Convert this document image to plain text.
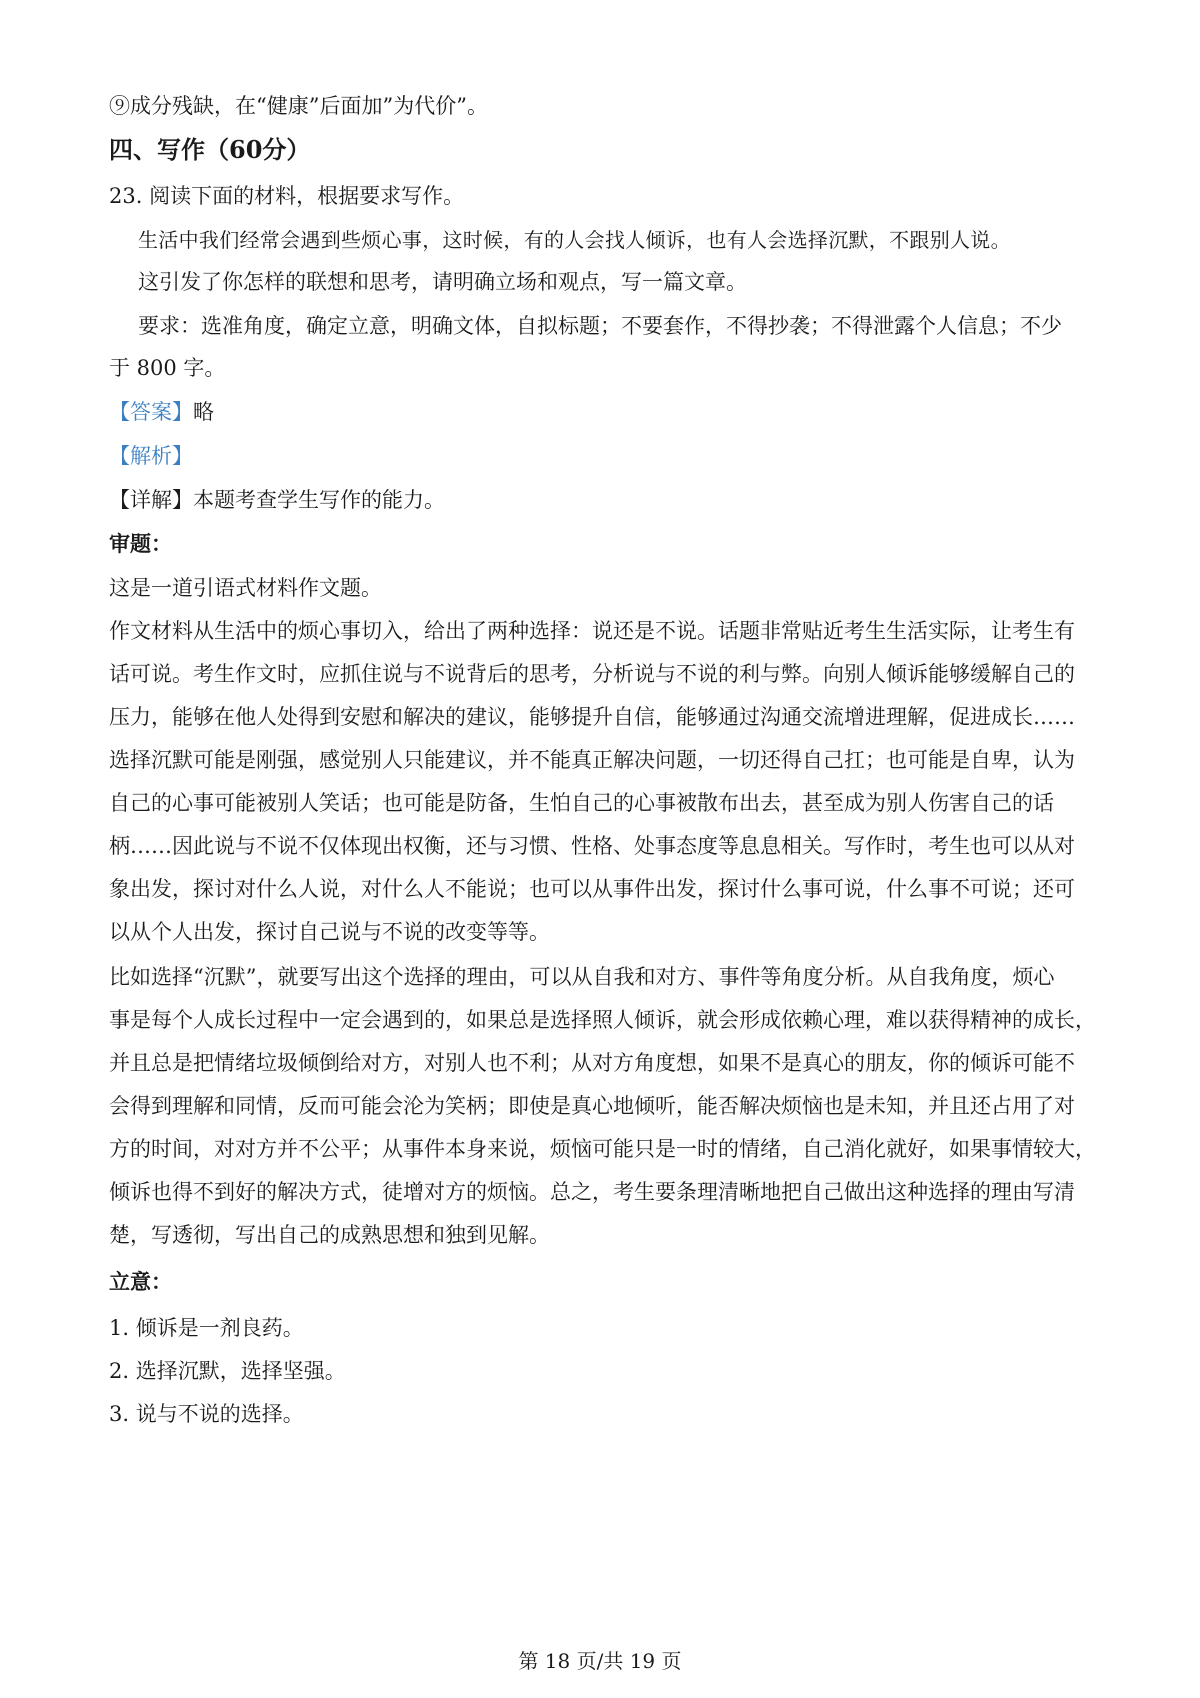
⑨成分残缺，在“健康”后面加”为代价”。
四、写作（60分）
23. 阅读下面的材料，根据要求写作。
生活中我们经常会遇到些烦心事，这时候，有的人会找人倾诉，也有人会选择沉默，不跟别人说。
这引发了你怎样的联想和思考，请明确立场和观点，写一篇文章。
要求：选准角度，确定立意，明确文体，自拟标题；不要套作，不得抄袭；不得泄露个人信息；不少
于 800 字。
【答案】略
【解析】
【详解】本题考查学生写作的能力。
审题：
这是一道引语式材料作文题。
作文材料从生活中的烦心事切入，给出了两种选择：说还是不说。话题非常贴近考生生活实际，让考生有
话可说。考生作文时，应抓住说与不说背后的思考，分析说与不说的利与弊。向别人倾诉能够缓解自己的
压力，能够在他人处得到安慰和解决的建议，能够提升自信，能够通过沟通交流增进理解，促进成长……
选择沉默可能是刚强，感觉别人只能建议，并不能真正解决问题，一切还得自己扛；也可能是自卑，认为
自己的心事可能被别人笑话；也可能是防备，生怕自己的心事被散布出去，甚至成为别人伤害自己的话
柄……因此说与不说不仅体现出权衡，还与习惯、性格、处事态度等息息相关。写作时，考生也可以从对
象出发，探讨对什么人说，对什么人不能说；也可以从事件出发，探讨什么事可说，什么事不可说；还可
以从个人出发，探讨自己说与不说的改变等等。
比如选择“沉默”，就要写出这个选择的理由，可以从自我和对方、事件等角度分析。从自我角度，烦心
事是每个人成长过程中一定会遇到的，如果总是选择照人倾诉，就会形成依赖心理，难以获得精神的成长，
并且总是把情绪垃圾倾倒给对方，对别人也不利；从对方角度想，如果不是真心的朋友，你的倾诉可能不
会得到理解和同情，反而可能会沦为笑柄；即使是真心地倾听，能否解决烦恼也是未知，并且还占用了对
方的时间，对对方并不公平；从事件本身来说，烦恼可能只是一时的情绪，自己消化就好，如果事情较大，
倾诉也得不到好的解决方式，徒增对方的烦恼。总之，考生要条理清晰地把自己做出这种选择的理由写清
楚，写透彻，写出自己的成熟思想和独到见解。
立意：
1. 倾诉是一剂良药。
2. 选择沉默，选择坚强。
3. 说与不说的选择。
第 18 页/共 19 页
